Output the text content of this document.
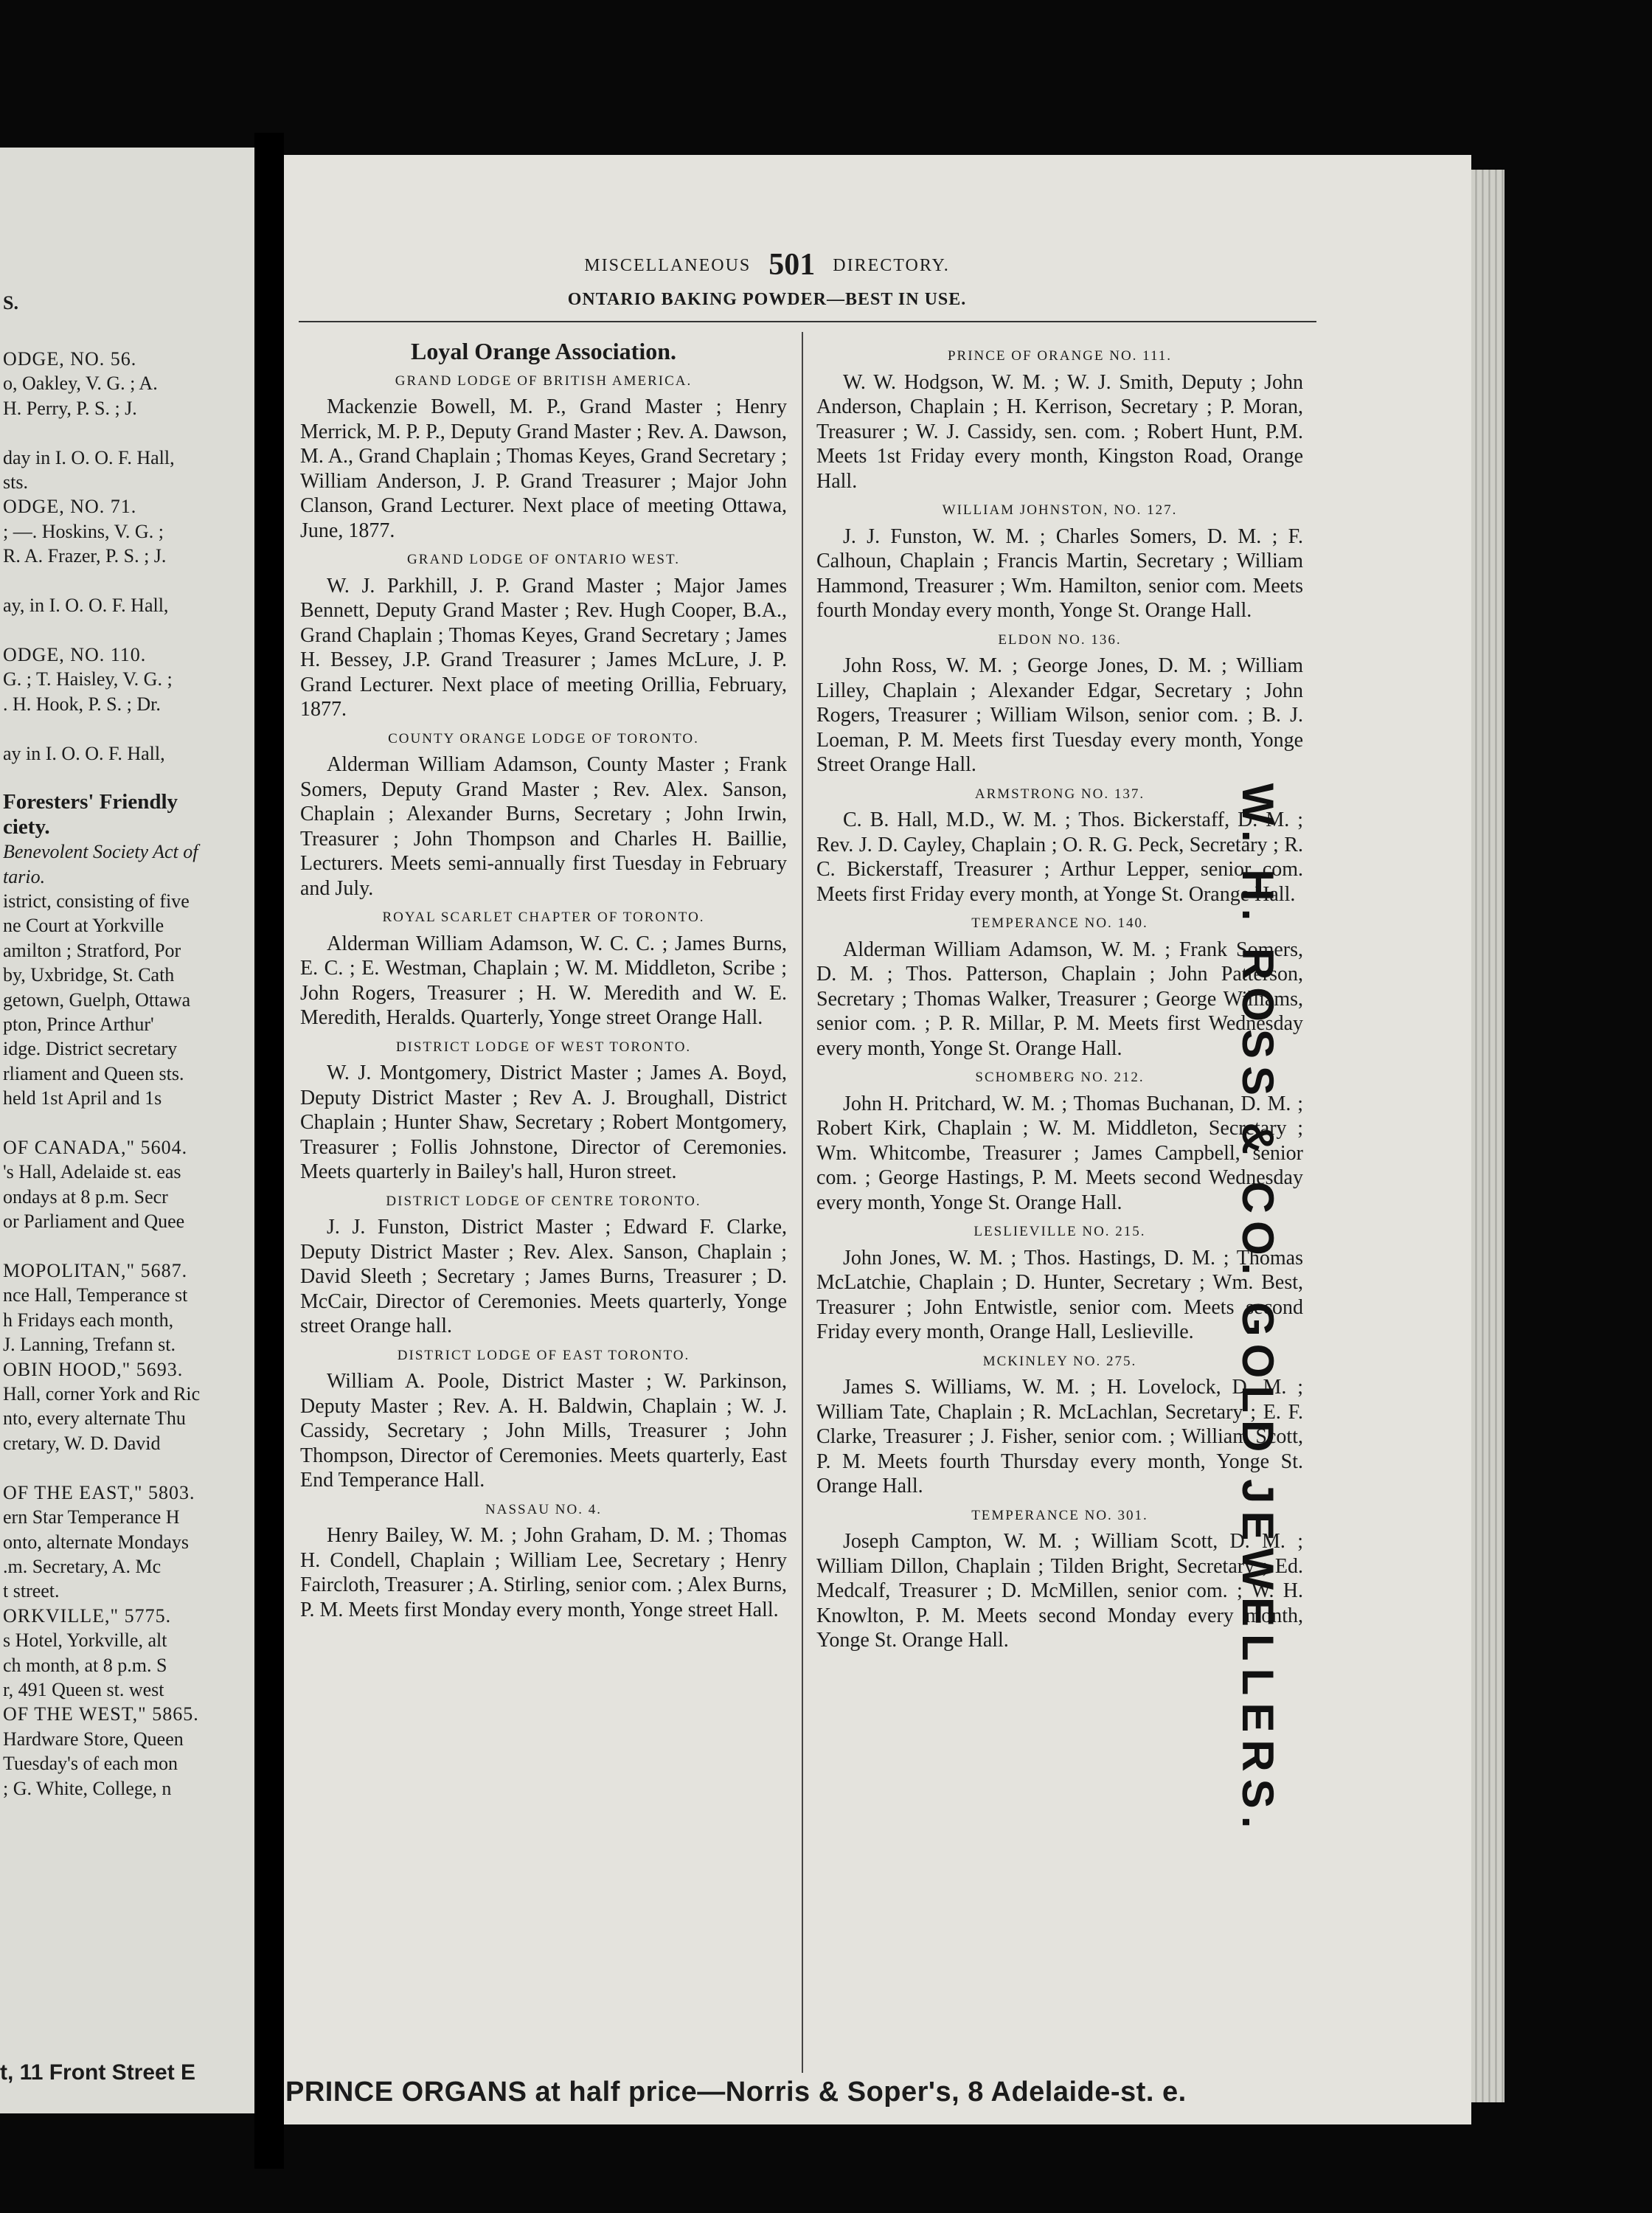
S.
ODGE, NO. 56.
o, Oakley, V. G. ; A.
H. Perry, P. S. ; J.

day in I. O. O. F. Hall,
sts.
ODGE, NO. 71.
; —. Hoskins, V. G. ;
R. A. Frazer, P. S. ; J.

ay, in I. O. O. F. Hall,

ODGE, NO. 110.
G. ; T. Haisley, V. G. ;
. H. Hook, P. S. ; Dr.

ay in I. O. O. F. Hall,

Foresters' Friendly
ciety.
Benevolent Society Act of
tario.
istrict, consisting of five
ne Court at Yorkville
amilton ; Stratford, Por
by, Uxbridge, St. Cath
getown, Guelph, Ottawa
pton, Prince Arthur'
idge. District secretary
rliament and Queen sts.
held 1st April and 1s

OF CANADA," 5604.
's Hall, Adelaide st. eas
ondays at 8 p.m. Secr
or Parliament and Quee

MOPOLITAN," 5687.
nce Hall, Temperance st
h Fridays each month,
J. Lanning, Trefann st.
OBIN HOOD," 5693.
Hall, corner York and Ric
nto, every alternate Thu
cretary, W. D. David

OF THE EAST," 5803.
ern Star Temperance H
onto, alternate Mondays
.m. Secretary, A. Mc
t street.
ORKVILLE," 5775.
s Hotel, Yorkville, alt
ch month, at 8 p.m. S
r, 491 Queen st. west
OF THE WEST," 5865.
Hardware Store, Queen
Tuesday's of each mon
; G. White, College, n
t, 11 Front Street E
MISCELLANEOUS 501 DIRECTORY.
ONTARIO BAKING POWDER—BEST IN USE.
Loyal Orange Association.
GRAND LODGE OF BRITISH AMERICA.
Mackenzie Bowell, M. P., Grand Master ; Henry Merrick, M. P. P., Deputy Grand Master ; Rev. A. Dawson, M. A., Grand Chaplain ; Thomas Keyes, Grand Secretary ; William Anderson, J. P. Grand Treasurer ; Major John Clanson, Grand Lecturer. Next place of meeting Ottawa, June, 1877.
GRAND LODGE OF ONTARIO WEST.
W. J. Parkhill, J. P. Grand Master ; Major James Bennett, Deputy Grand Master ; Rev. Hugh Cooper, B.A., Grand Chaplain ; Thomas Keyes, Grand Secretary ; James H. Bessey, J.P. Grand Treasurer ; James McLure, J. P. Grand Lecturer. Next place of meeting Orillia, February, 1877.
COUNTY ORANGE LODGE OF TORONTO.
Alderman William Adamson, County Master ; Frank Somers, Deputy Grand Master ; Rev. Alex. Sanson, Chaplain ; Alexander Burns, Secretary ; John Irwin, Treasurer ; John Thompson and Charles H. Baillie, Lecturers. Meets semi-annually first Tuesday in February and July.
ROYAL SCARLET CHAPTER OF TORONTO.
Alderman William Adamson, W. C. C. ; James Burns, E. C. ; E. Westman, Chaplain ; W. M. Middleton, Scribe ; John Rogers, Treasurer ; H. W. Meredith and W. E. Meredith, Heralds. Quarterly, Yonge street Orange Hall.
DISTRICT LODGE OF WEST TORONTO.
W. J. Montgomery, District Master ; James A. Boyd, Deputy District Master ; Rev A. J. Broughall, District Chaplain ; Hunter Shaw, Secretary ; Robert Montgomery, Treasurer ; Follis Johnstone, Director of Ceremonies. Meets quarterly in Bailey's hall, Huron street.
DISTRICT LODGE OF CENTRE TORONTO.
J. J. Funston, District Master ; Edward F. Clarke, Deputy District Master ; Rev. Alex. Sanson, Chaplain ; David Sleeth ; Secretary ; James Burns, Treasurer ; D. McCair, Director of Ceremonies. Meets quarterly, Yonge street Orange hall.
DISTRICT LODGE OF EAST TORONTO.
William A. Poole, District Master ; W. Parkinson, Deputy Master ; Rev. A. H. Baldwin, Chaplain ; W. J. Cassidy, Secretary ; John Mills, Treasurer ; John Thompson, Director of Ceremonies. Meets quarterly, East End Temperance Hall.
NASSAU NO. 4.
Henry Bailey, W. M. ; John Graham, D. M. ; Thomas H. Condell, Chaplain ; William Lee, Secretary ; Henry Faircloth, Treasurer ; A. Stirling, senior com. ; Alex Burns, P. M. Meets first Monday every month, Yonge street Hall.
PRINCE OF ORANGE NO. 111.
W. W. Hodgson, W. M. ; W. J. Smith, Deputy ; John Anderson, Chaplain ; H. Kerrison, Secretary ; P. Moran, Treasurer ; W. J. Cassidy, sen. com. ; Robert Hunt, P.M. Meets 1st Friday every month, Kingston Road, Orange Hall.
WILLIAM JOHNSTON, NO. 127.
J. J. Funston, W. M. ; Charles Somers, D. M. ; F. Calhoun, Chaplain ; Francis Martin, Secretary ; William Hammond, Treasurer ; Wm. Hamilton, senior com. Meets fourth Monday every month, Yonge St. Orange Hall.
ELDON NO. 136.
John Ross, W. M. ; George Jones, D. M. ; William Lilley, Chaplain ; Alexander Edgar, Secretary ; John Rogers, Treasurer ; William Wilson, senior com. ; B. J. Loeman, P. M. Meets first Tuesday every month, Yonge Street Orange Hall.
ARMSTRONG NO. 137.
C. B. Hall, M.D., W. M. ; Thos. Bickerstaff, D. M. ; Rev. J. D. Cayley, Chaplain ; O. R. G. Peck, Secretary ; R. C. Bickerstaff, Treasurer ; Arthur Lepper, senior com. Meets first Friday every month, at Yonge St. Orange Hall.
TEMPERANCE NO. 140.
Alderman William Adamson, W. M. ; Frank Somers, D. M. ; Thos. Patterson, Chaplain ; John Patterson, Secretary ; Thomas Walker, Treasurer ; George Williams, senior com. ; P. R. Millar, P. M. Meets first Wednesday every month, Yonge St. Orange Hall.
SCHOMBERG NO. 212.
John H. Pritchard, W. M. ; Thomas Buchanan, D. M. ; Robert Kirk, Chaplain ; W. M. Middleton, Secretary ; Wm. Whitcombe, Treasurer ; James Campbell, senior com. ; George Hastings, P. M. Meets second Wednesday every month, Yonge St. Orange Hall.
LESLIEVILLE NO. 215.
John Jones, W. M. ; Thos. Hastings, D. M. ; Thomas McLatchie, Chaplain ; D. Hunter, Secretary ; Wm. Best, Treasurer ; John Entwistle, senior com. Meets second Friday every month, Orange Hall, Leslieville.
MCKINLEY NO. 275.
James S. Williams, W. M. ; H. Lovelock, D. M. ; William Tate, Chaplain ; R. McLachlan, Secretary ; E. F. Clarke, Treasurer ; J. Fisher, senior com. ; William Scott, P. M. Meets fourth Thursday every month, Yonge St. Orange Hall.
TEMPERANCE NO. 301.
Joseph Campton, W. M. ; William Scott, D. M. ; William Dillon, Chaplain ; Tilden Bright, Secretary ; Ed. Medcalf, Treasurer ; D. McMillen, senior com. ; W. H. Knowlton, P. M. Meets second Monday every month, Yonge St. Orange Hall.	W. H. ROSS & CO. GOLD JEWELLERS.
PRINCE ORGANS at half price—Norris & Soper's, 8 Adelaide-st. e.
